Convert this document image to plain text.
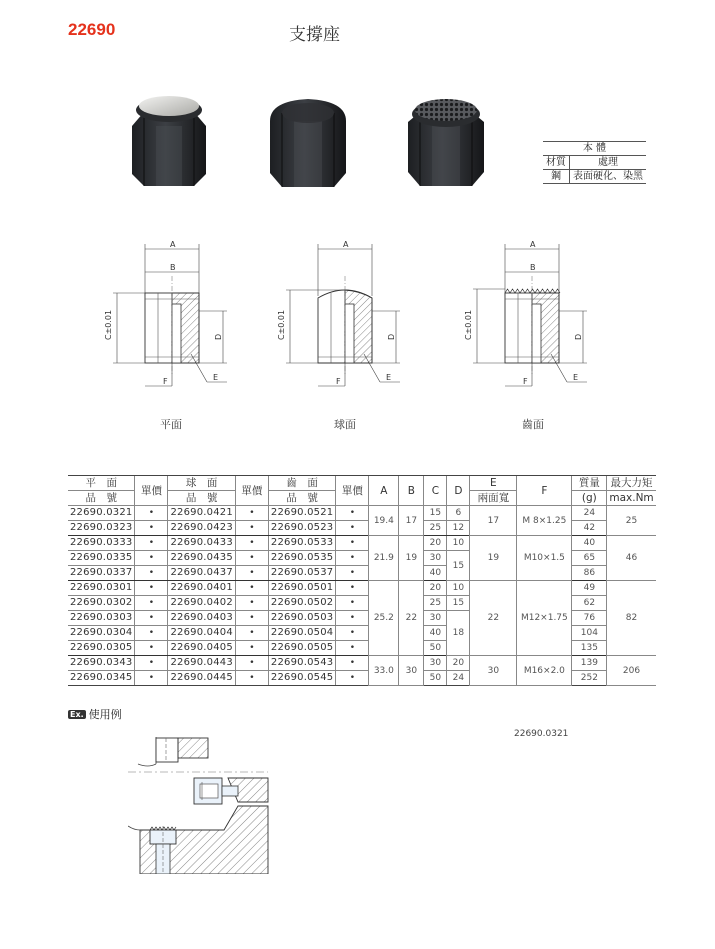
22690	支撐座
本 體	
材質	處理
鋼	表面硬化、染黑
A
B
C±0.01	D
E
F
A
C±0.01	D
E
F
A
B
C±0.01	D
E
F
平面	球面	齒面
平　面	單價	球　面	單價	齒　面	單價	A	B	C	D	E	F	質量	最大力矩
品　號		品　號		品　號						兩面寬		(g)	max.Nm
22690.0321	•	22690.0421	•	22690.0521	•	19.4	17	15	6	17	M 8×1.25	24	25
22690.0323	•	22690.0423	•	22690.0523	•			25	12			42	
22690.0333	•	22690.0433	•	22690.0533	•	21.9	19	20	10	19	M10×1.5	40	46
22690.0335	•	22690.0435	•	22690.0535	•			30	15			65	
22690.0337	•	22690.0437	•	22690.0537	•			40				86	
22690.0301	•	22690.0401	•	22690.0501	•	25.2	22	20	10	22	M12×1.75	49	82
22690.0302	•	22690.0402	•	22690.0502	•			25	15			62	
22690.0303	•	22690.0403	•	22690.0503	•			30	18			76	
22690.0304	•	22690.0404	•	22690.0504	•			40				104	
22690.0305	•	22690.0405	•	22690.0505	•			50				135	
22690.0343	•	22690.0443	•	22690.0543	•	33.0	30	30	20	30	M16×2.0	139	206
22690.0345	•	22690.0445	•	22690.0545	•			50	24			252	
Ex. 使用例
22690.0321
